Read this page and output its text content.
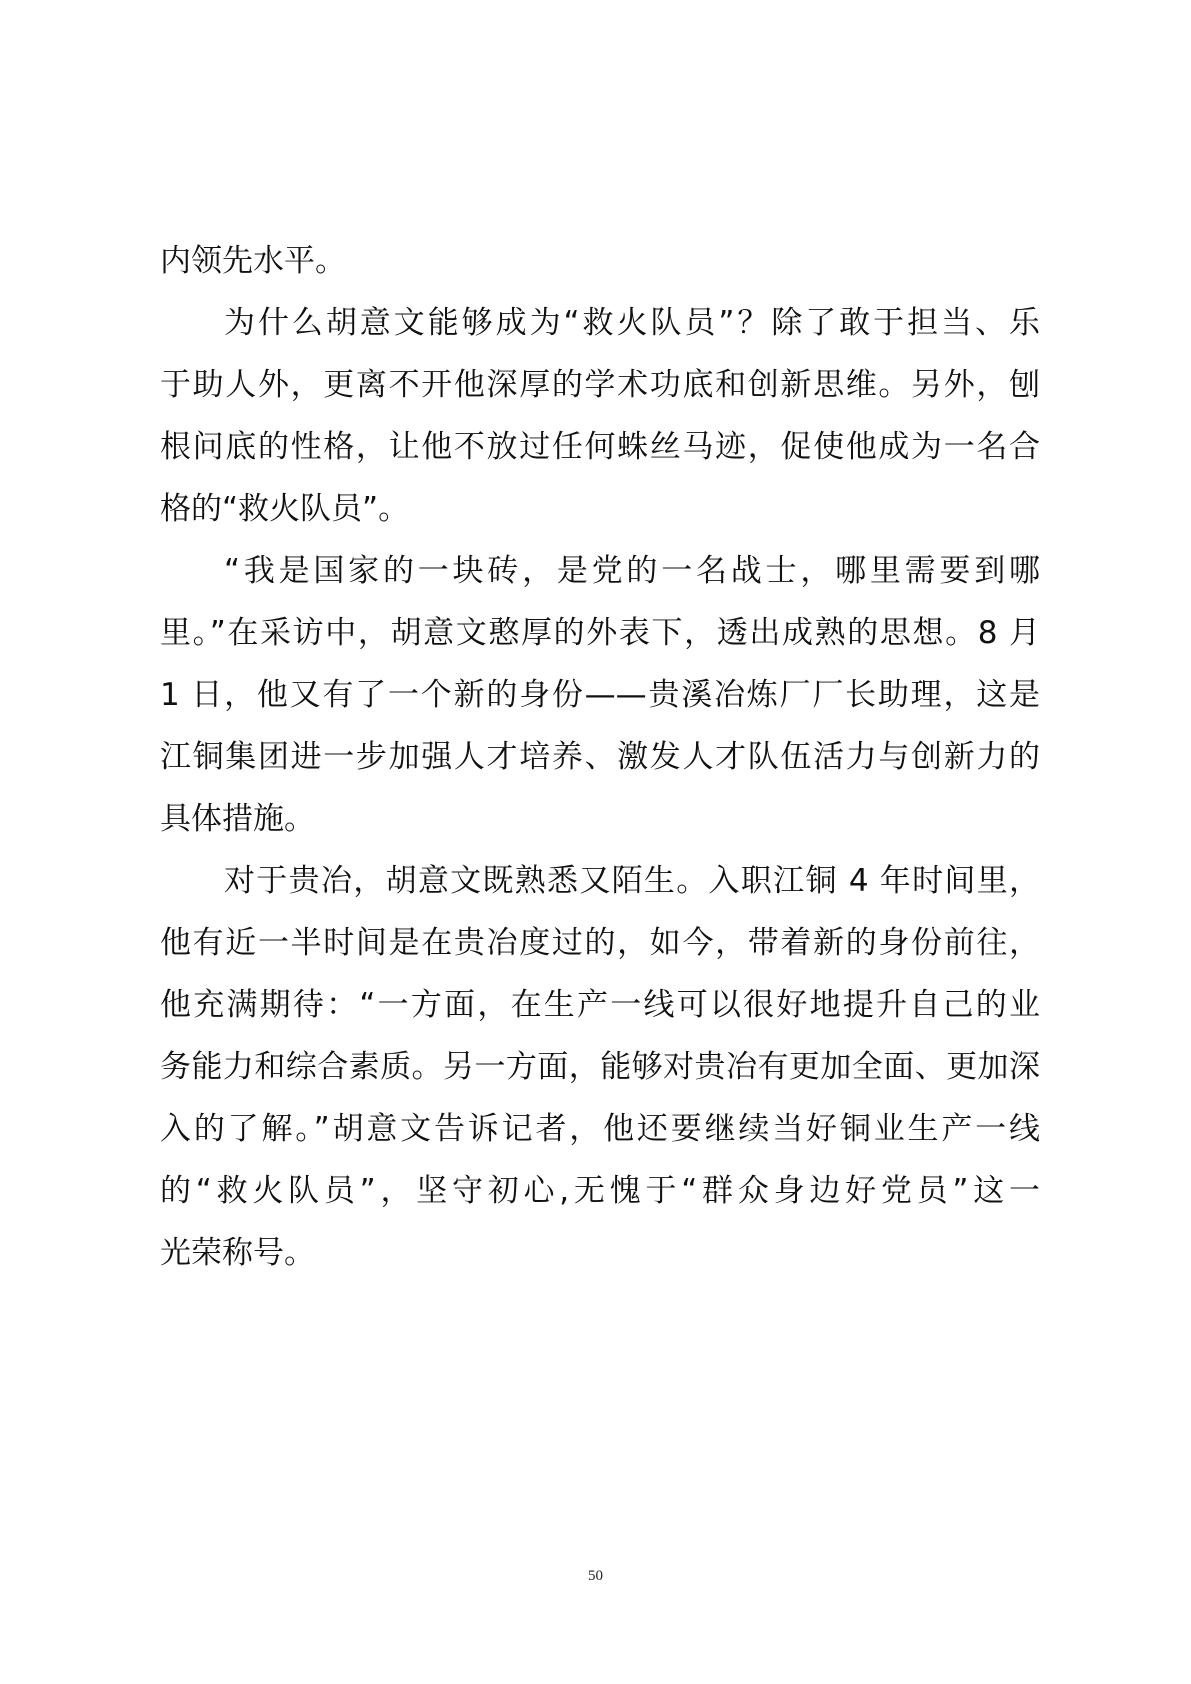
内领先水平。
为什么胡意文能够成为“救火队员”？除了敢于担当、乐
于助人外，更离不开他深厚的学术功底和创新思维。另外，刨
根问底的性格，让他不放过任何蛛丝马迹，促使他成为一名合
格的“救火队员”。
“我是国家的一块砖，是党的一名战士，哪里需要到哪
里。”在采访中，胡意文憨厚的外表下，透出成熟的思想。8 月
1 日，他又有了一个新的身份——贵溪冶炼厂厂长助理，这是
江铜集团进一步加强人才培养、激发人才队伍活力与创新力的
具体措施。
对于贵冶，胡意文既熟悉又陌生。入职江铜 4 年时间里，
他有近一半时间是在贵冶度过的，如今，带着新的身份前往，
他充满期待：“一方面，在生产一线可以很好地提升自己的业
务能力和综合素质。另一方面，能够对贵冶有更加全面、更加深
入的了解。”胡意文告诉记者，他还要继续当好铜业生产一线
的“救火队员”，坚守初心,无愧于“群众身边好党员”这一
光荣称号。
50
